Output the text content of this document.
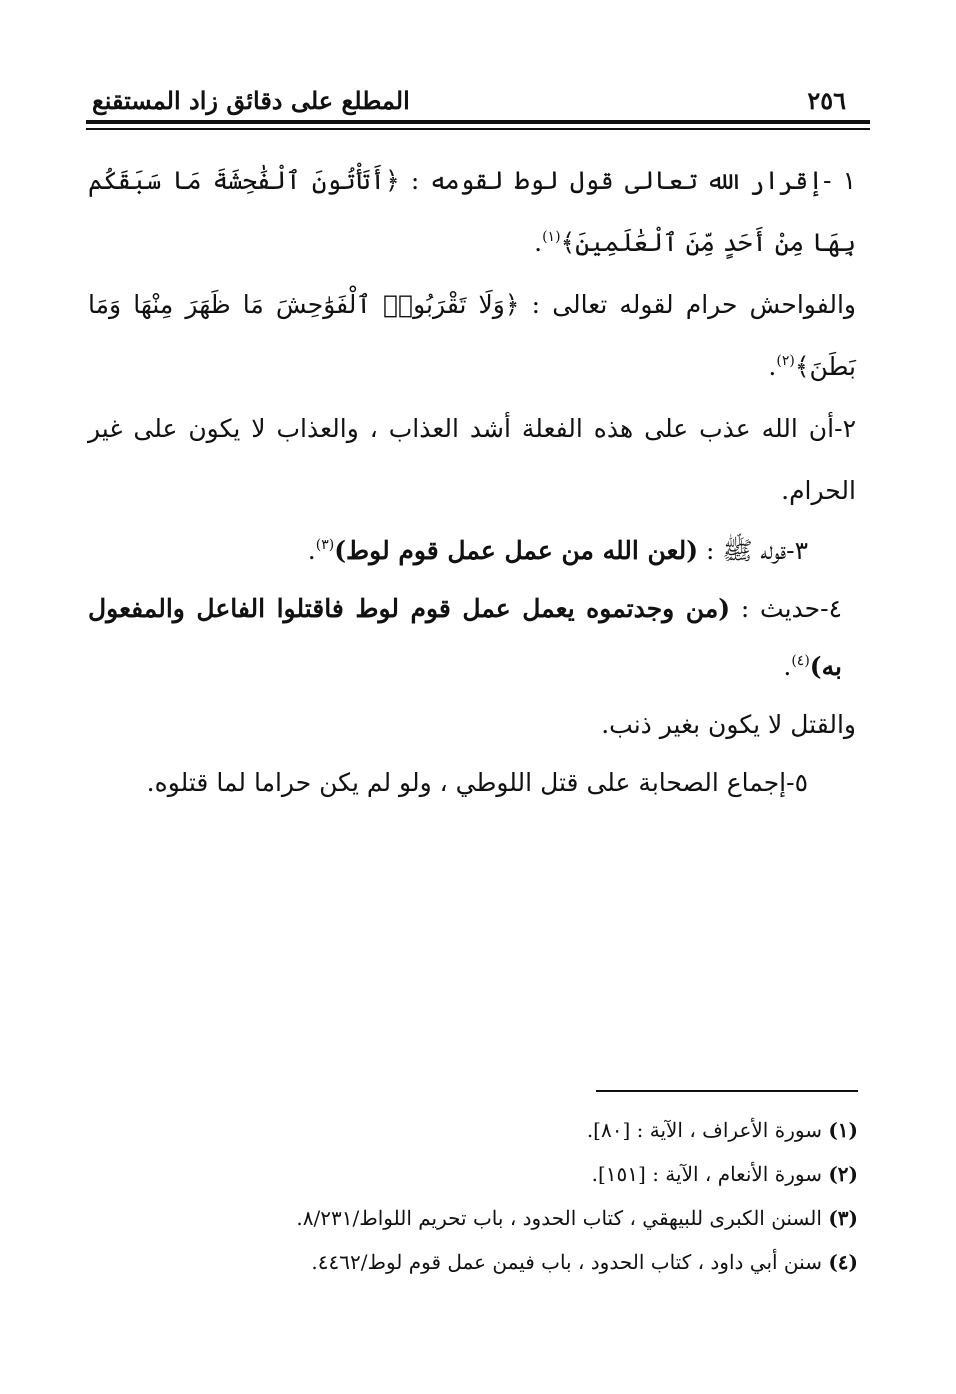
٢٥٦
المطلع على دقائق زاد المستقنع

١ -إقرار الله تعالى قول لوط لقومه : ﴿أَتَأْتُونَ ٱلْفَٰحِشَةَ مَا سَبَقَكُم بِهَا مِنْ أَحَدٍ مِّنَ ٱلْعَٰلَمِينَ﴾$^{(١)}$.

والفواحش حرام لقوله تعالى : ﴿وَلَا تَقْرَبُوا۟ ٱلْفَوَٰحِشَ مَا ظَهَرَ مِنْهَا وَمَا بَطَنَ﴾$^{(٢)}$.

٢-أن الله عذب على هذه الفعلة أشد العذاب ، والعذاب لا يكون على غير الحرام.

٣-قوله ﷺ : (لعن الله من عمل عمل قوم لوط)$^{(٣)}$.

٤-حديث : (من وجدتموه يعمل عمل قوم لوط فاقتلوا الفاعل والمفعول به)$^{(٤)}$.

والقتل لا يكون بغير ذنب.

٥-إجماع الصحابة على قتل اللوطي ، ولو لم يكن حراما لما قتلوه.

(١) سورة الأعراف ، الآية : [٨٠].

(٢) سورة الأنعام ، الآية : [١٥١].

(٣) السنن الكبرى للبيهقي ، كتاب الحدود ، باب تحريم اللواط/٨/٢٣١.

(٤) سنن أبي داود ، كتاب الحدود ، باب فيمن عمل قوم لوط/٤٤٦٢.
